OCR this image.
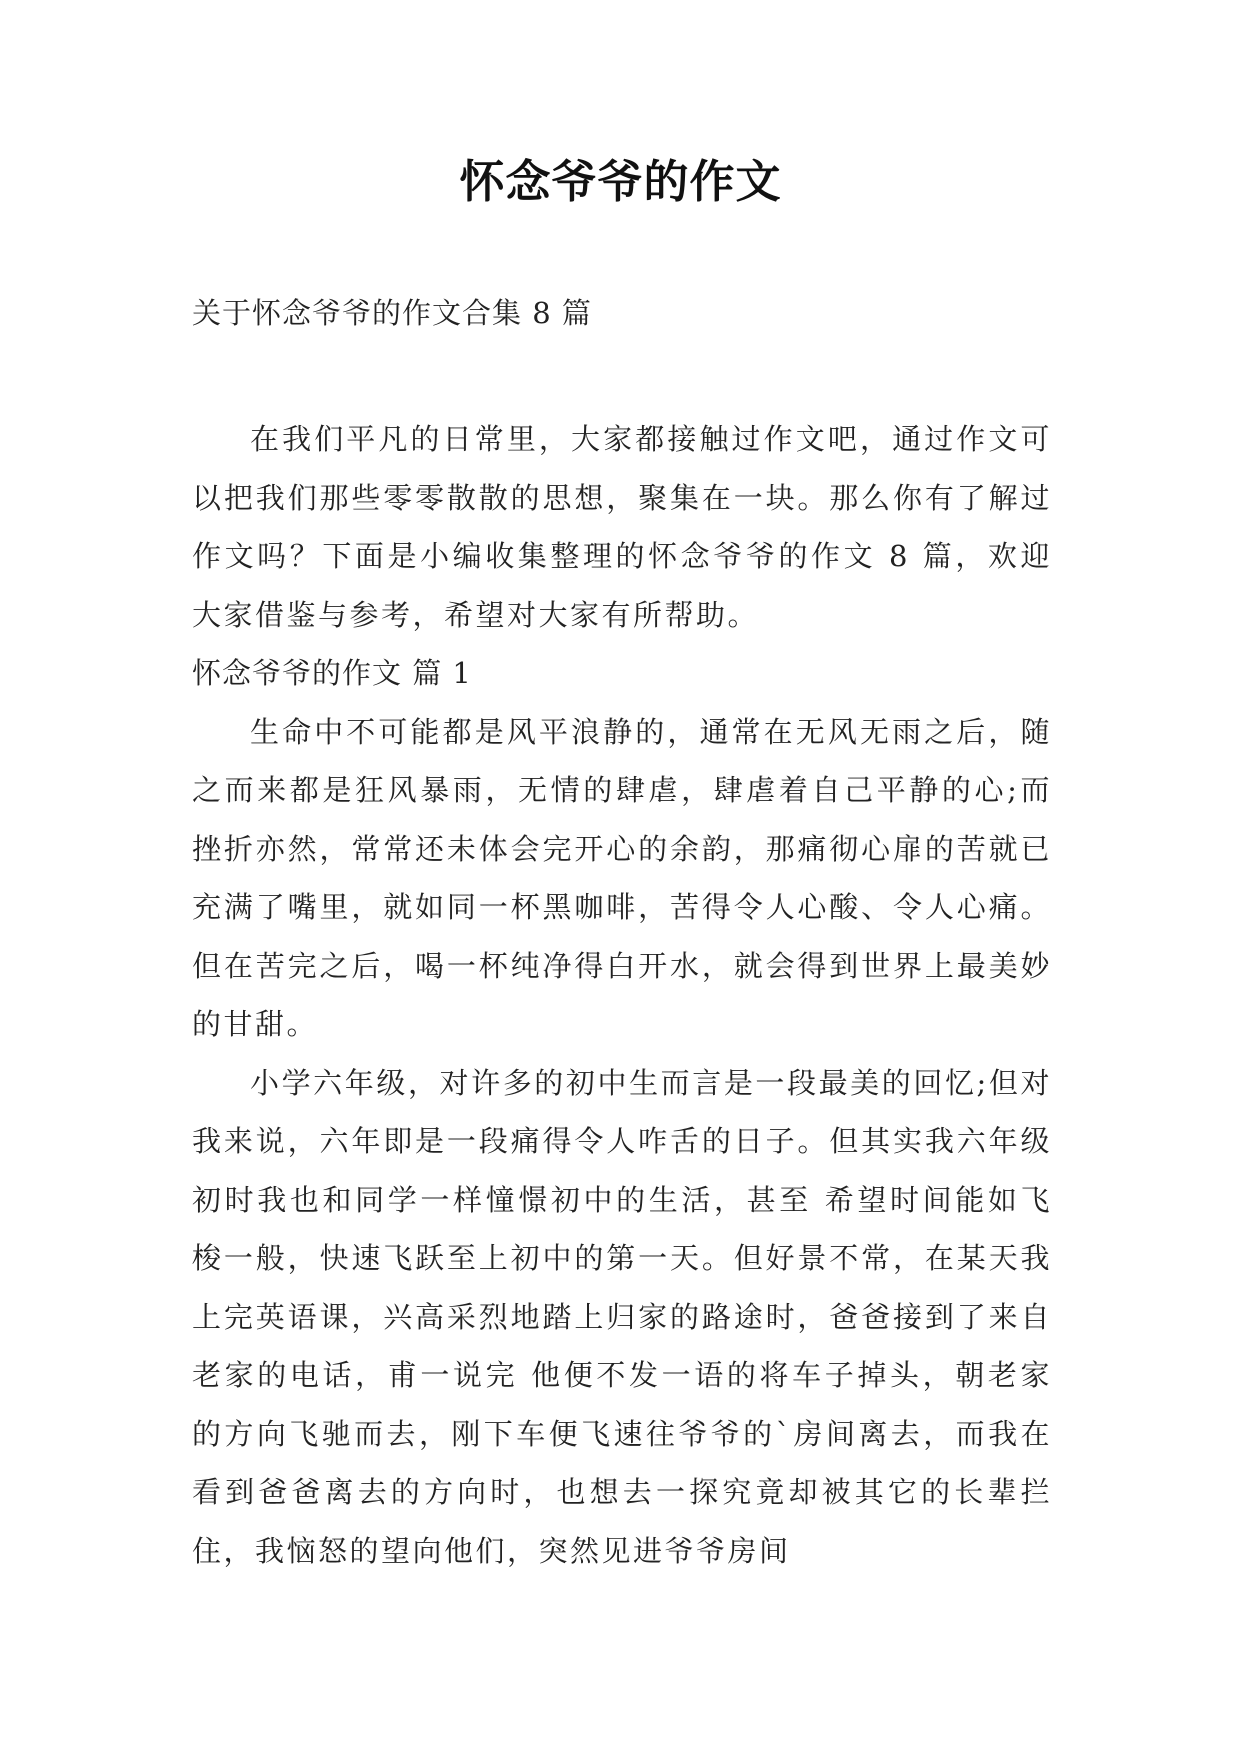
怀念爷爷的作文
关于怀念爷爷的作文合集 8 篇

在我们平凡的日常里，大家都接触过作文吧，通过作文可以把我们那些零零散散的思想，聚集在一块。那么你有了解过作文吗？下面是小编收集整理的怀念爷爷的作文 8 篇，欢迎大家借鉴与参考，希望对大家有所帮助。

怀念爷爷的作文 篇 1

生命中不可能都是风平浪静的，通常在无风无雨之后，随之而来都是狂风暴雨，无情的肆虐，肆虐着自己平静的心;而挫折亦然，常常还未体会完开心的余韵，那痛彻心扉的苦就已充满了嘴里，就如同一杯黑咖啡，苦得令人心酸、令人心痛。但在苦完之后，喝一杯纯净得白开水，就会得到世界上最美妙的甘甜。

小学六年级，对许多的初中生而言是一段最美的回忆;但对我来说，六年即是一段痛得令人咋舌的日子。但其实我六年级初时我也和同学一样憧憬初中的生活，甚至 希望时间能如飞梭一般，快速飞跃至上初中的第一天。但好景不常，在某天我上完英语课，兴高采烈地踏上归家的路途时，爸爸接到了来自老家的电话，甫一说完 他便不发一语的将车子掉头，朝老家的方向飞驰而去，刚下车便飞速往爷爷的`房间离去，而我在看到爸爸离去的方向时，也想去一探究竟却被其它的长辈拦住，我恼怒的望向他们，突然见进爷爷房间
